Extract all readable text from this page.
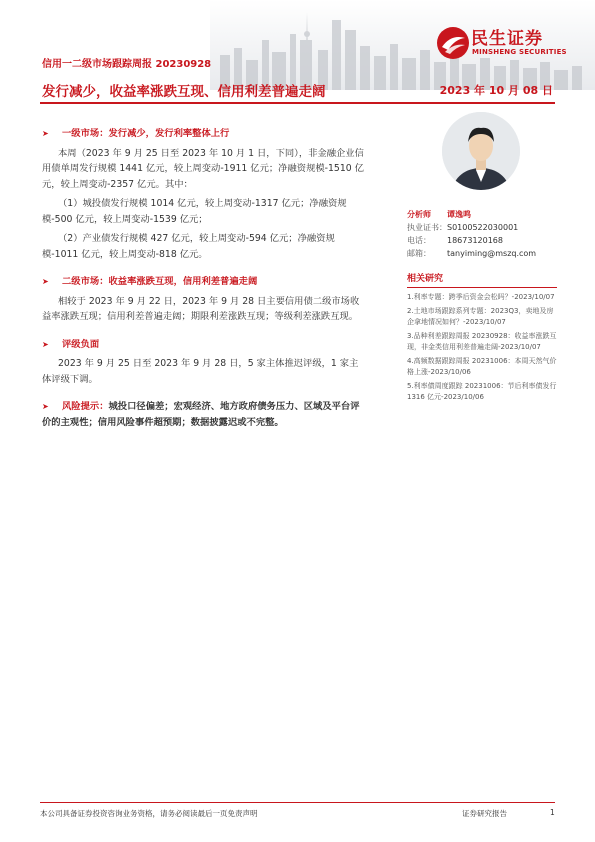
民生证券
MINSHENG SECURITIES
信用一二级市场跟踪周报 20230928
发行减少，收益率涨跌互现、信用利差普遍走阔	2023 年 10 月 08 日

➤ 一级市场：发行减少，发行利率整体上行

本周（2023 年 9 月 25 日至 2023 年 10 月 1 日，下同），非金融企业信用债单周发行规模 1441 亿元，较上周变动-1911 亿元；净融资规模-1510 亿元，较上周变动-2357 亿元。其中：

（1）城投债发行规模 1014 亿元，较上周变动-1317 亿元；净融资规模-500 亿元，较上周变动-1539 亿元；

（2）产业债发行规模 427 亿元，较上周变动-594 亿元；净融资规模-1011 亿元，较上周变动-818 亿元。

➤ 二级市场：收益率涨跌互现，信用利差普遍走阔

相较于 2023 年 9 月 22 日，2023 年 9 月 28 日主要信用债二级市场收益率涨跌互现；信用利差普遍走阔；期限利差涨跌互现；等级利差涨跌互现。

➤ 评级负面

2023 年 9 月 25 日至 2023 年 9 月 28 日，5 家主体推迟评级，1 家主体评级下调。

➤ 风险提示：城投口径偏差；宏观经济、地方政府债务压力、区域及平台评价的主观性；信用风险事件超预期；数据披露迟或不完整。

分析师	谭逸鸣
执业证书： S0100522030001
电话：	18673120168
邮箱：	tanyiming@mszq.com
相关研究
1.利率专题：跨季后资金会松吗？-2023/10/07
2.土地市场跟踪系列专题：2023Q3，卖地及房企拿地情况如何？-2023/10/07
3.品种利差跟踪周报 20230928：收益率涨跌互现，非金类信用利差普遍走阔-2023/10/07
4.高频数据跟踪周报 20231006：本周天然气价格上涨-2023/10/06
5.利率债周度跟踪 20231006：节后利率债发行 1316 亿元-2023/10/06
本公司具备证券投资咨询业务资格，请务必阅读最后一页免责声明	证券研究报告	1
